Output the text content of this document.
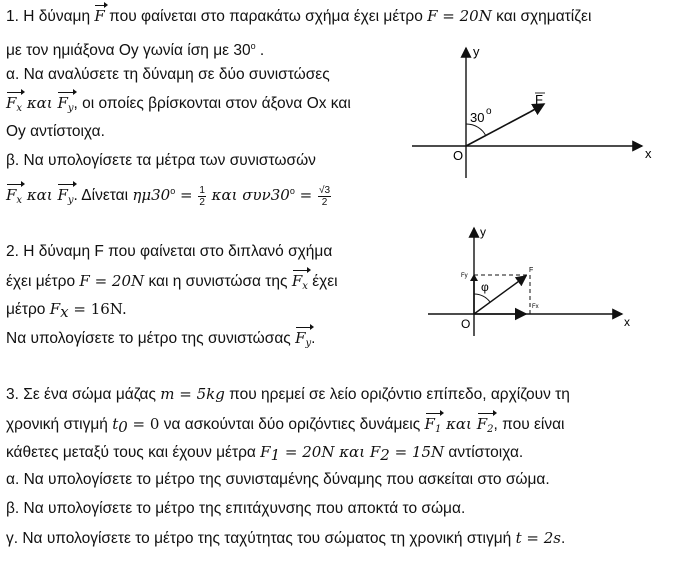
1. Η δύναμη F που φαίνεται στο παρακάτω σχήμα έχει μέτρο F = 20N και σχηματίζει
με τον ημιάξονα Oy γωνία ίση με 30$^o$ .
α. Να αναλύσετε τη δύναμη σε δύο συνιστώσες
$F_x$ και $F_y$, οι οποίες βρίσκονται στον άξονα Ox και
Oy αντίστοιχα.
β. Να υπολογίσετε τα μέτρα των συνιστωσών
$F_x$ και $F_y$. Δίνεται $\eta\mu 30^o = \frac{1}{2}$ και $\sigma\upsilon\nu 30^o = \frac{√3}{2}$
y
x
O
F
30 o
2. Η δύναμη F που φαίνεται στο διπλανό σχήμα
έχει μέτρο F = 20N και η συνιστώσα της $F_x$ έχει
μέτρο $F_x = 16N$.
Να υπολογίσετε το μέτρο της συνιστώσας $F_y$.
y
x
O
φ
F
Fy
Fx
3. Σε ένα σώμα μάζας m = 5kg που ηρεμεί σε λείο οριζόντιο επίπεδο, αρχίζουν τη
χρονική στιγμή $t_0 = 0$ να ασκούνται δύο οριζόντιες δυνάμεις $F_1$ και $F_2$, που είναι
κάθετες μεταξύ τους και έχουν μέτρα $F_1 = 20N$ και $F_2 = 15N$ αντίστοιχα.
α. Να υπολογίσετε το μέτρο της συνισταμένης δύναμης που ασκείται στο σώμα.
β. Να υπολογίσετε το μέτρο της επιτάχυνσης που αποκτά το σώμα.
γ. Να υπολογίσετε το μέτρο της ταχύτητας του σώματος τη χρονική στιγμή t = 2s.
